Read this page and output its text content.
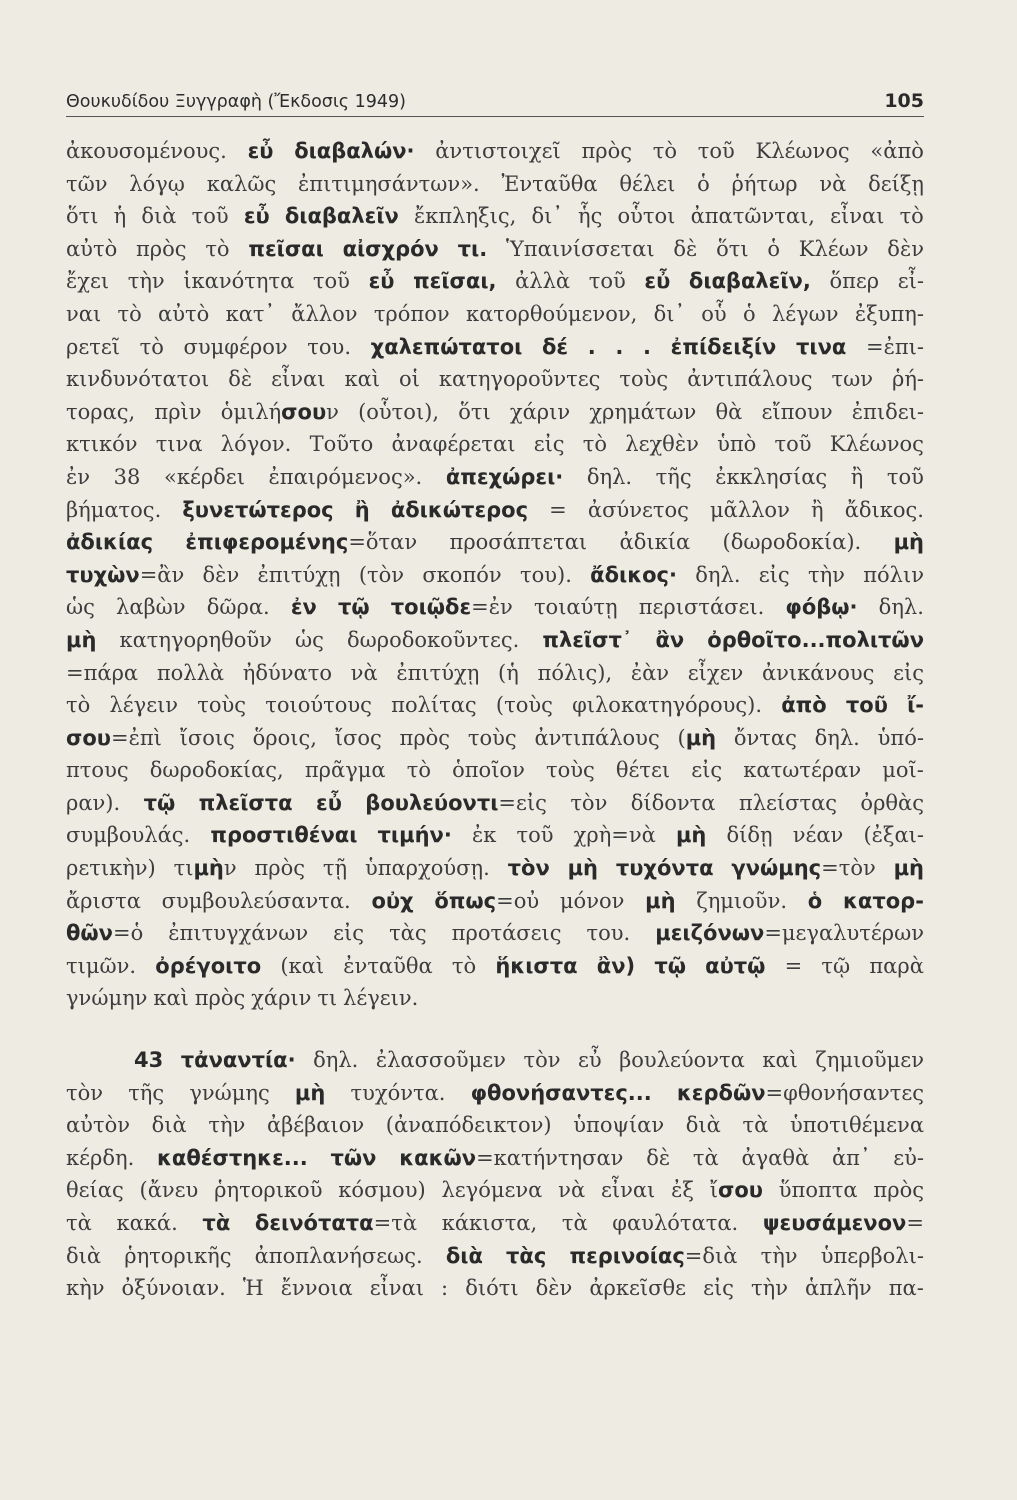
Θουκυδίδου Ξυγγραφὴ (Ἔκδοσις 1949)	105
ἀκουσομένους. εὖ διαβαλών· ἀντιστοιχεῖ πρὸς τὸ τοῦ Κλέωνος «ἀπὸ
τῶν λόγῳ καλῶς ἐπιτιμησάντων». Ἐνταῦθα θέλει ὁ ῥήτωρ νὰ δείξῃ
ὅτι ἡ διὰ τοῦ εὖ διαβαλεῖν ἔκπληξις, δι᾽ ἧς οὗτοι ἀπατῶνται, εἶναι τὸ
αὐτὸ πρὸς τὸ πεῖσαι αἰσχρόν τι. Ὑπαινίσσεται δὲ ὅτι ὁ Κλέων δὲν
ἔχει τὴν ἱκανότητα τοῦ εὖ πεῖσαι, ἀλλὰ τοῦ εὖ διαβαλεῖν, ὅπερ εἶ-
ναι τὸ αὐτὸ κατ᾽ ἄλλον τρόπον κατορθούμενον, δι᾽ οὗ ὁ λέγων ἐξυπη-
ρετεῖ τὸ συμφέρον του. χαλεπώτατοι δέ . . . ἐπίδειξίν τινα =ἐπι-
κινδυνότατοι δὲ εἶναι καὶ οἱ κατηγοροῦντες τοὺς ἀντιπάλους των ῥή-
τορας, πρὶν ὁμιλήσουν (οὗτοι), ὅτι χάριν χρημάτων θὰ εἴπουν ἐπιδει-
κτικόν τινα λόγον. Τοῦτο ἀναφέρεται εἰς τὸ λεχθὲν ὑπὸ τοῦ Κλέωνος
ἐν 38 «κέρδει ἐπαιρόμενος». ἀπεχώρει· δηλ. τῆς ἐκκλησίας ἢ τοῦ
βήματος. ξυνετώτερος ἢ ἀδικώτερος = ἀσύνετος μᾶλλον ἢ ἄδικος.
ἀδικίας ἐπιφερομένης=ὅταν προσάπτεται ἀδικία (δωροδοκία). μὴ
τυχὼν=ἂν δὲν ἐπιτύχῃ (τὸν σκοπόν του). ἄδικος· δηλ. εἰς τὴν πόλιν
ὡς λαβὼν δῶρα. ἐν τῷ τοιῷδε=ἐν τοιαύτῃ περιστάσει. φόβῳ· δηλ.
μὴ κατηγορηθοῦν ὡς δωροδοκοῦντες. πλεῖστ᾽ ἂν ὀρθοῖτο...πολιτῶν
=πάρα πολλὰ ἠδύνατο νὰ ἐπιτύχῃ (ἡ πόλις), ἐὰν εἶχεν ἀνικάνους εἰς
τὸ λέγειν τοὺς τοιούτους πολίτας (τοὺς φιλοκατηγόρους). ἀπὸ τοῦ ἴ-
σου=ἐπὶ ἴσοις ὅροις, ἴσος πρὸς τοὺς ἀντιπάλους (μὴ ὄντας δηλ. ὑπό-
πτους δωροδοκίας, πρᾶγμα τὸ ὁποῖον τοὺς θέτει εἰς κατωτέραν μοῖ-
ραν). τῷ πλεῖστα εὖ βουλεύοντι=εἰς τὸν δίδοντα πλείστας ὀρθὰς
συμβουλάς. προστιθέναι τιμήν· ἐκ τοῦ χρὴ=νὰ μὴ δίδῃ νέαν (ἐξαι-
ρετικὴν) τιμὴν πρὸς τῇ ὑπαρχούσῃ. τὸν μὴ τυχόντα γνώμης=τὸν μὴ
ἄριστα συμβουλεύσαντα. οὐχ ὅπως=οὐ μόνον μὴ ζημιοῦν. ὁ κατορ-
θῶν=ὁ ἐπιτυγχάνων εἰς τὰς προτάσεις του. μειζόνων=μεγαλυτέρων
τιμῶν. ὀρέγοιτο (καὶ ἐνταῦθα τὸ ἥκιστα ἂν) τῷ αὐτῷ = τῷ παρὰ
γνώμην καὶ πρὸς χάριν τι λέγειν.
43 τἀναντία· δηλ. ἐλασσοῦμεν τὸν εὖ βουλεύοντα καὶ ζημιοῦμεν
τὸν τῆς γνώμης μὴ τυχόντα. φθονήσαντες... κερδῶν=φθονήσαντες
αὐτὸν διὰ τὴν ἀβέβαιον (ἀναπόδεικτον) ὑποψίαν διὰ τὰ ὑποτιθέμενα
κέρδη. καθέστηκε... τῶν κακῶν=κατήντησαν δὲ τὰ ἀγαθὰ ἀπ᾽ εὐ-
θείας (ἄνευ ῥητορικοῦ κόσμου) λεγόμενα νὰ εἶναι ἐξ ἴσου ὕποπτα πρὸς
τὰ κακά. τὰ δεινότατα=τὰ κάκιστα, τὰ φαυλότατα. ψευσάμενον=
διὰ ῥητορικῆς ἀποπλανήσεως. διὰ τὰς περινοίας=διὰ τὴν ὑπερβολι-
κὴν ὀξύνοιαν. Ἡ ἔννοια εἶναι : διότι δὲν ἀρκεῖσθε εἰς τὴν ἁπλῆν πα-
